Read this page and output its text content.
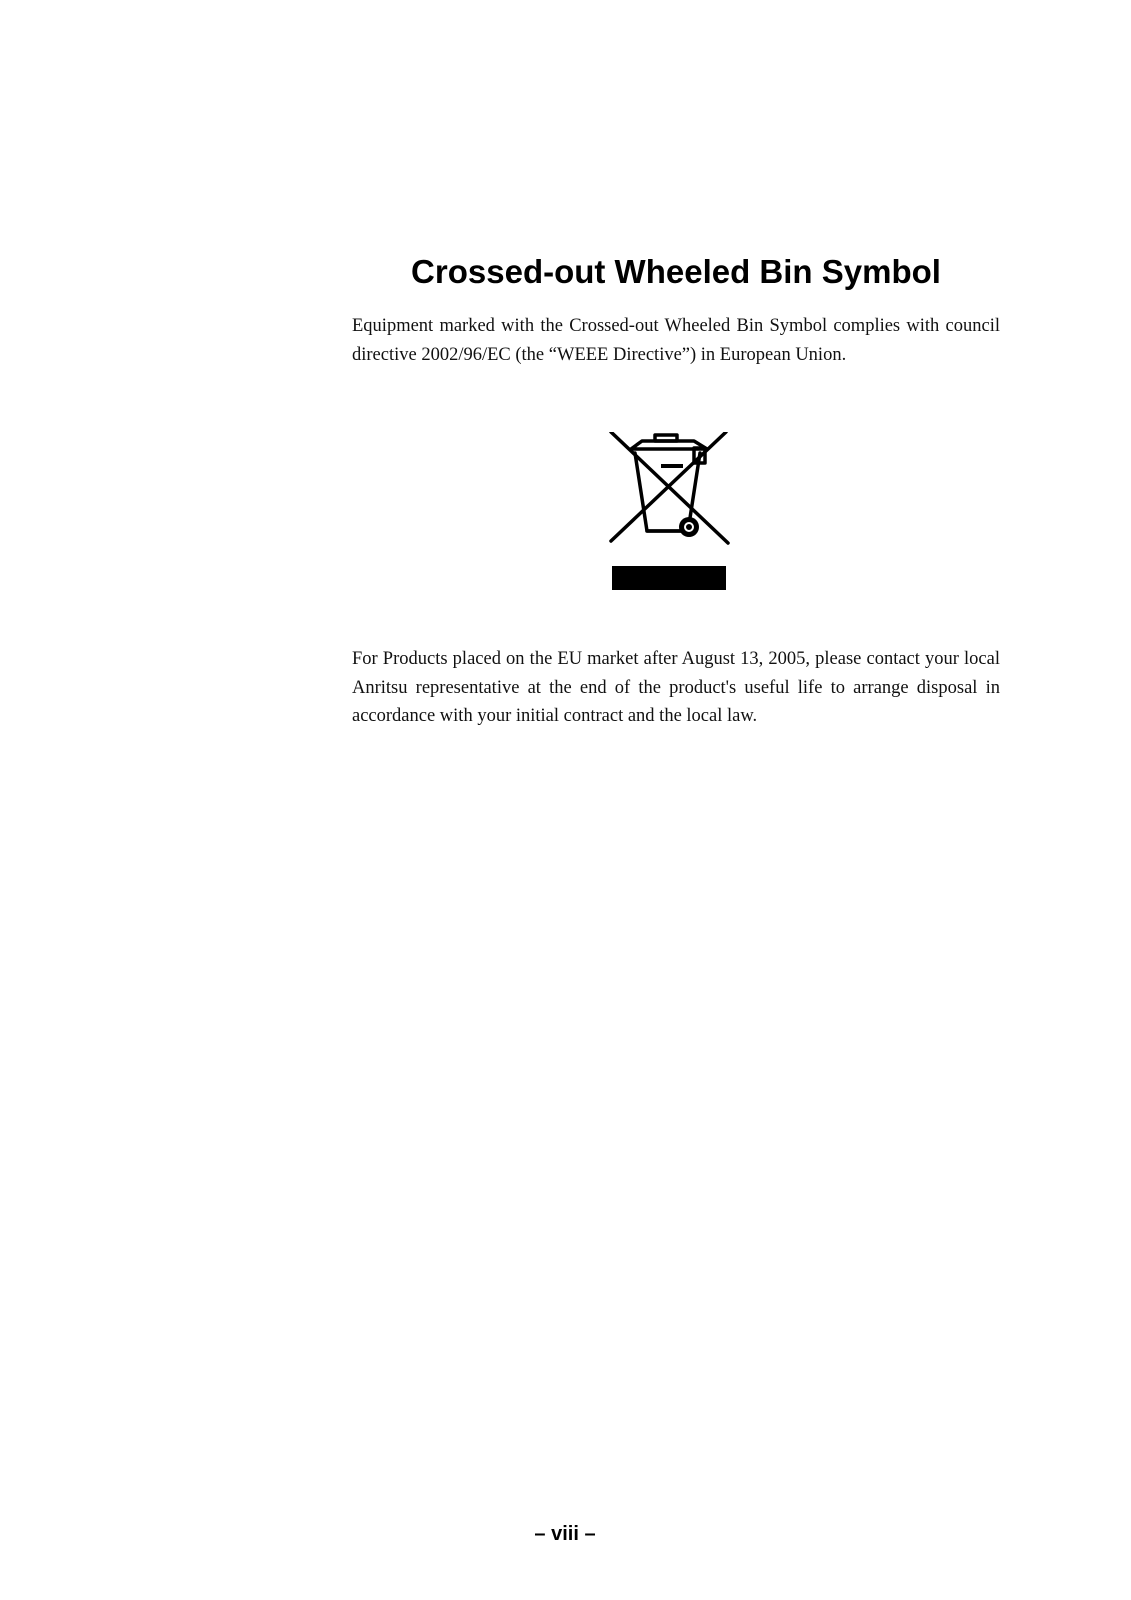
Crossed-out Wheeled Bin Symbol

Equipment marked with the Crossed-out Wheeled Bin Symbol complies with council directive 2002/96/EC (the “WEEE Directive”) in European Union.

For Products placed on the EU market after August 13, 2005, please contact your local Anritsu representative at the end of the product's useful life to arrange disposal in accordance with your initial contract and the local law.

– viii –
